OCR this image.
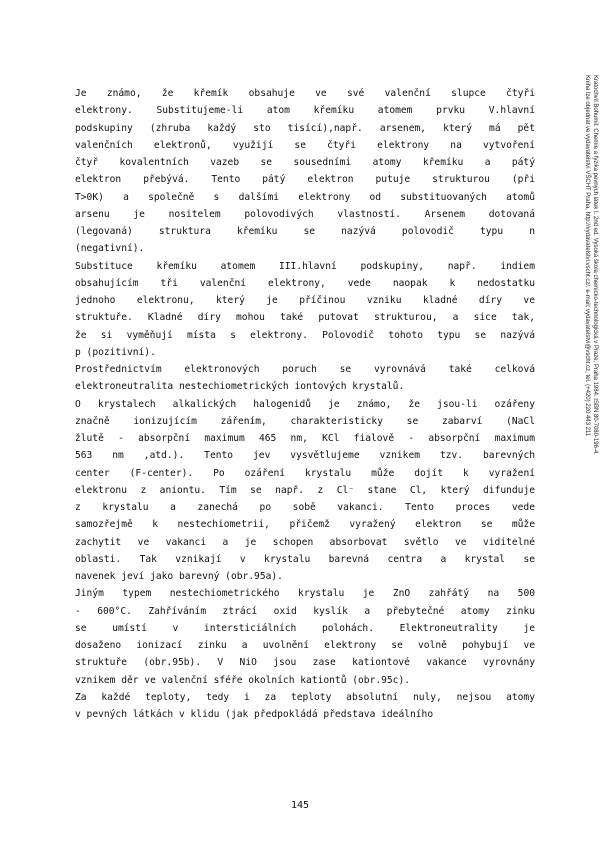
Kratochvíl Bohumil: Chemie a fyzika pevných látek I. 2nd ed. Vysoká škola chemicko-technologická v Praze, Praha 1984. ISBN 80-7080-196-4.
Kniha lze objednat ve vydavatelství VŠCHT Praha, http://vydavatelstvi.vscht.cz/, e-mail: vydavatelstvi@vscht.cz, tel. (+420) 220 443 211
Je známo, že křemík obsahuje ve své valenční slupce čtyři
elektrony. Substitujeme-li atom křemíku atomem prvku V.hlavní
podskupiny (zhruba každý sto tisící),např. arsenem, který má pět
valenčních elektronů, využijí se čtyři elektrony na vytvoření
čtyř kovalentních vazeb se sousedními atomy křemíku a pátý
elektron přebývá. Tento pátý elektron putuje strukturou (při
T>0K) a společně s dalšími elektrony od substituovaných atomů
arsenu je nositelem polovodivých vlastností. Arsenem dotovaná
(legovaná) struktura křemíku se nazývá polovodič typu n
(negativní).
Substituce křemíku atomem III.hlavní podskupiny, např. indiem
obsahujícím tři valenční elektrony, vede naopak k nedostatku
jednoho elektronu, který je příčinou vzniku kladné díry ve
struktuře. Kladné díry mohou také putovat strukturou, a sice tak,
že si vyměňují místa s elektrony. Polovodič tohoto typu se nazývá
p (pozitivní).
Prostřednictvím elektronových poruch se vyrovnává také celková
elektroneutralita nestechiometrických iontových krystalů.
O krystalech alkalických halogenidů je známo, že jsou-li ozářeny
značně ionizujícím zářením, charakteristicky se zabarví (NaCl
žlutě - absorpční maximum 465 nm, KCl fialově - absorpční maximum
563 nm ,atd.). Tento jev vysvětlujeme vznikem tzv. barevných
center (F-center). Po ozáření krystalu může dojít k vyražení
elektronu z aniontu. Tím se např. z Cl⁻ stane Cl, který difunduje
z krystalu a zanechá po sobě vakanci. Tento proces vede
samozřejmě k nestechiometrii, přičemž vyražený elektron se může
zachytit ve vakanci a je schopen absorbovat světlo ve viditelné
oblasti. Tak vznikají v krystalu barevná centra a krystal se
navenek jeví jako barevný (obr.95a).
Jiným typem nestechiometrického krystalu je ZnO zahřátý na 500
- 600°C. Zahříváním ztrácí oxid kyslík a přebytečné atomy zinku
se umístí v intersticiálních polohách. Elektroneutrality je
dosaženo ionizací zinku a uvolnění elektrony se volně pohybují ve
struktuře (obr.95b). V NiO jsou zase kationtové vakance vyrovnány
vznikem děr ve valenční sféře okolních kationtů (obr.95c).
Za každé teploty, tedy i za teploty absolutní nuly, nejsou atomy
v pevných látkách v klidu (jak předpokládá představa ideálního
145
